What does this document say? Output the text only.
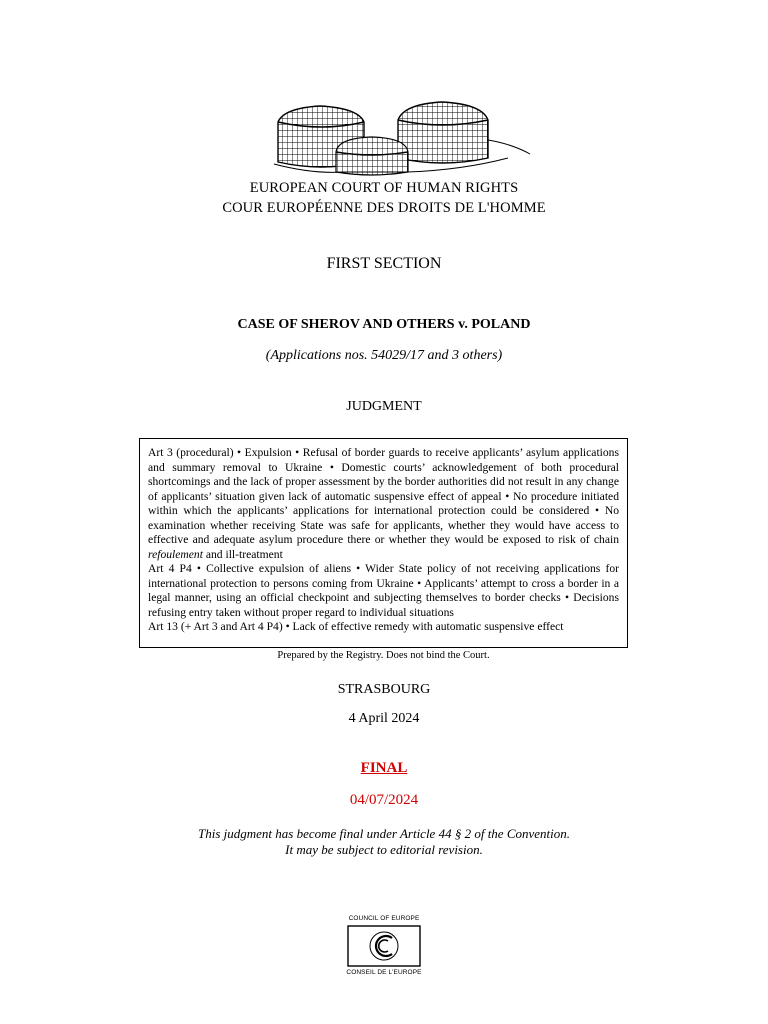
EUROPEAN COURT OF HUMAN RIGHTS
COUR EUROPÉENNE DES DROITS DE L'HOMME
FIRST SECTION
CASE OF SHEROV AND OTHERS v. POLAND
(Applications nos. 54029/17 and 3 others)
JUDGMENT

Art 3 (procedural) • Expulsion • Refusal of border guards to receive applicants’ asylum applications and summary removal to Ukraine • Domestic courts’ acknowledgement of both procedural shortcomings and the lack of proper assessment by the border authorities did not result in any change of applicants’ situation given lack of automatic suspensive effect of appeal • No procedure initiated within which the applicants’ applications for international protection could be considered • No examination whether receiving State was safe for applicants, whether they would have access to effective and adequate asylum procedure there or whether they would be exposed to risk of chain refoulement and ill-treatment

Art 4 P4 • Collective expulsion of aliens • Wider State policy of not receiving applications for international protection to persons coming from Ukraine • Applicants’ attempt to cross a border in a legal manner, using an official checkpoint and subjecting themselves to border checks • Decisions refusing entry taken without proper regard to individual situations

Art 13 (+ Art 3 and Art 4 P4) • Lack of effective remedy with automatic suspensive effect

Prepared by the Registry. Does not bind the Court.
STRASBOURG
4 April 2024
FINAL
04/07/2024
This judgment has become final under Article 44 § 2 of the Convention.
It may be subject to editorial revision.
COUNCIL OF EUROPE
CONSEIL DE L'EUROPE
